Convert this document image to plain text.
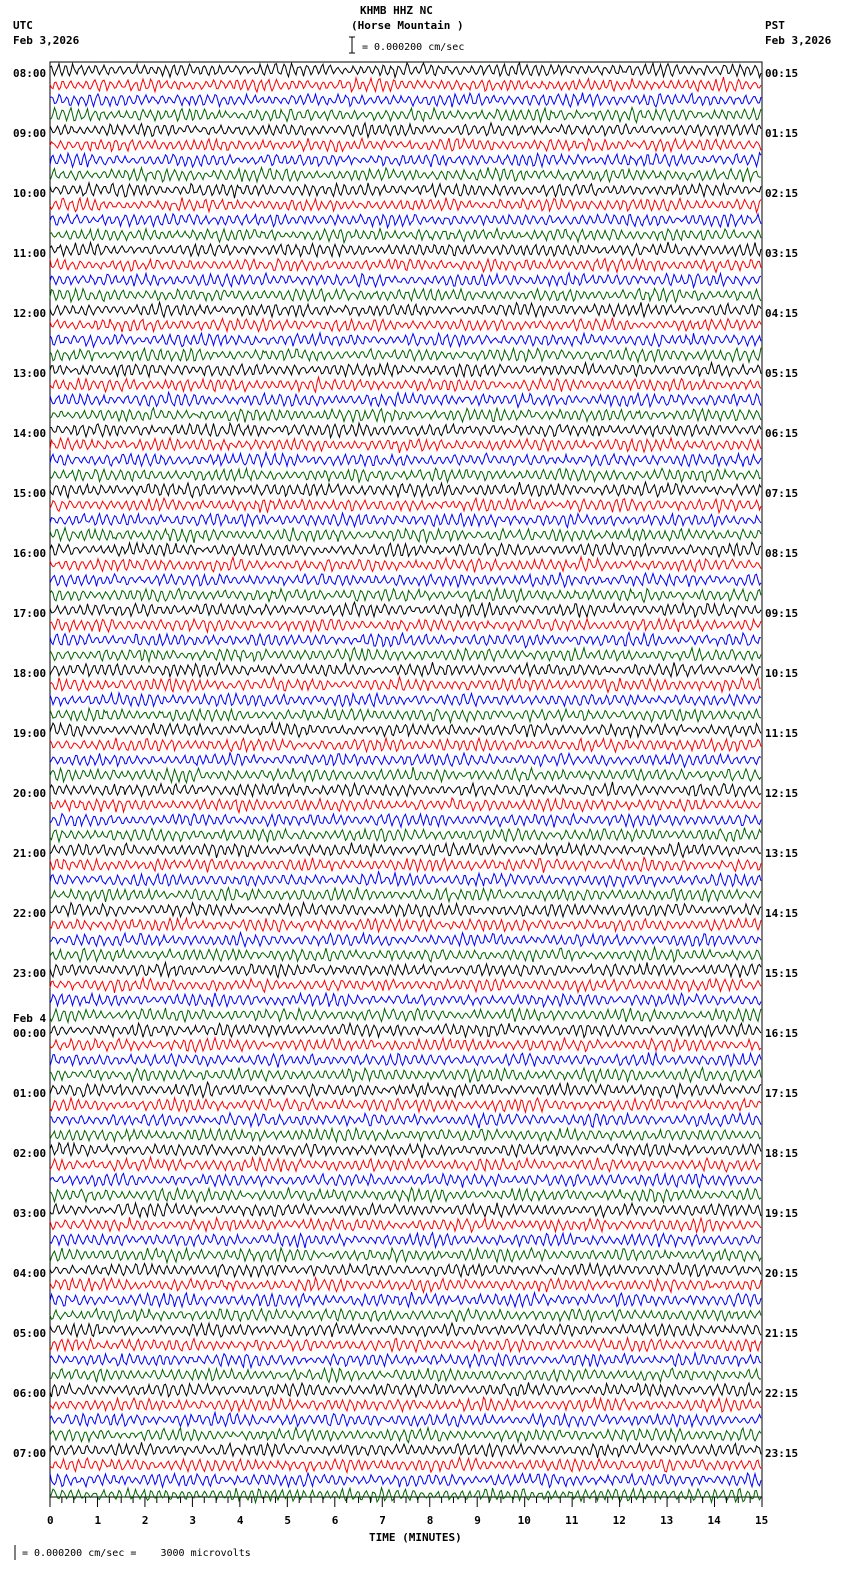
KHMB HHZ NC
(Horse Mountain )
UTC
Feb 3,2026
PST
Feb 3,2026
= 0.000200 cm/sec
= 0.000200 cm/sec =    3000 microvolts
TIME (MINUTES)
0	1	2	3	4	5	6	7	8	9	10	11	12	13	14	15
08:00	00:15
09:00	01:15
10:00	02:15
11:00	03:15
12:00	04:15
13:00	05:15
14:00	06:15
15:00	07:15
16:00	08:15
17:00	09:15
18:00	10:15
19:00	11:15
20:00	12:15
21:00	13:15
22:00	14:15
23:00	15:15
00:00	16:15
Feb 4
01:00	17:15
02:00	18:15
03:00	19:15
04:00	20:15
05:00	21:15
06:00	22:15
07:00	23:15
